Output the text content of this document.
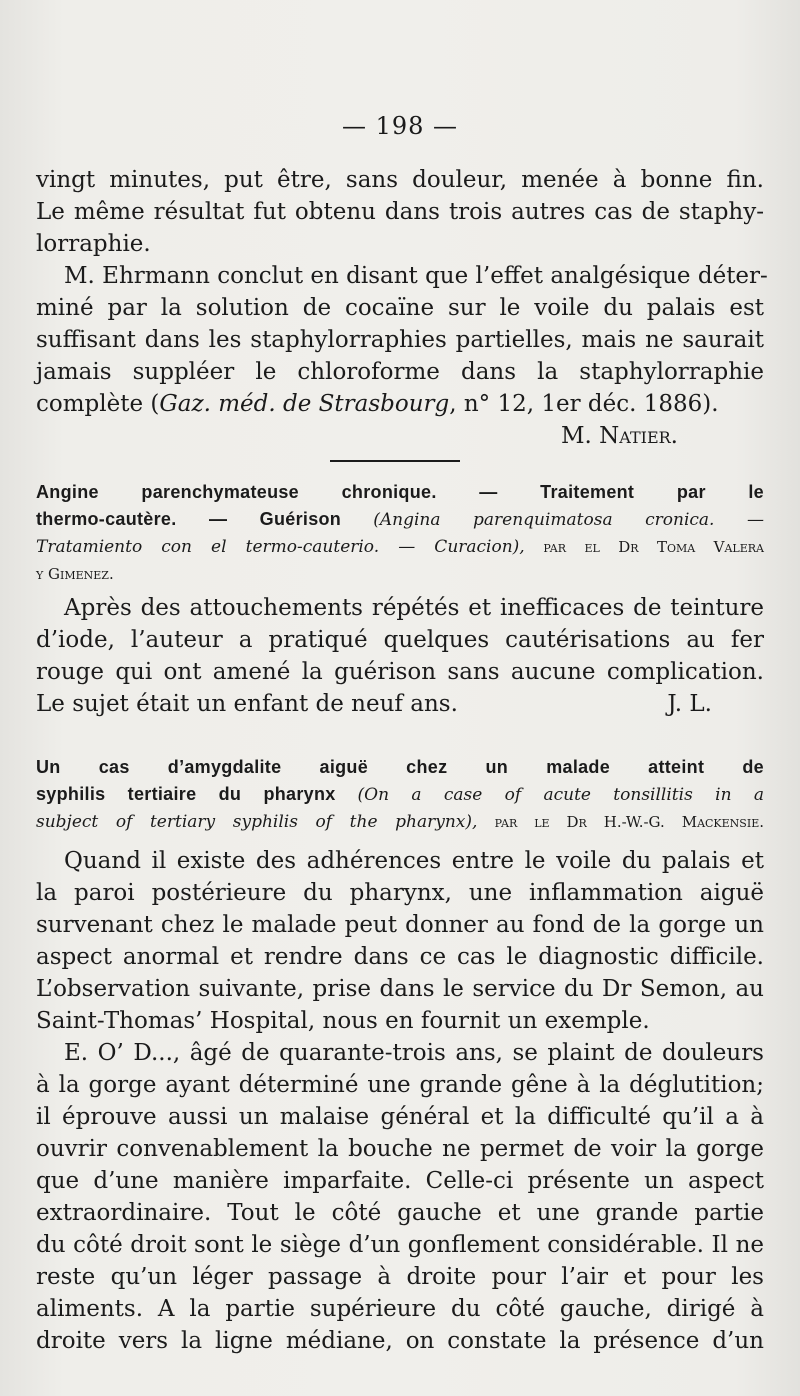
— 198 —
vingt minutes, put être, sans douleur, menée à bonne fin.
Le même résultat fut obtenu dans trois autres cas de staphy-
lorraphie.
M. Ehrmann conclut en disant que l’effet analgésique déter-
miné par la solution de cocaïne sur le voile du palais est
suffisant dans les staphylorraphies partielles, mais ne saurait
jamais suppléer le chloroforme dans la staphylorraphie
complète (Gaz. méd. de Strasbourg, n° 12, 1er déc. 1886).
M. Natier.
Angine parenchymateuse chronique. — Traitement par le
thermo-cautère. — Guérison (Angina parenquimatosa cronica. —
Tratamiento con el termo-cauterio. — Curacion), par el Dr Toma Valera
y Gimenez.
Après des attouchements répétés et inefficaces de teinture
d’iode, l’auteur a pratiqué quelques cautérisations au fer
rouge qui ont amené la guérison sans aucune complication.
Le sujet était un enfant de neuf ans.	J. L.
Un cas d’amygdalite aiguë chez un malade atteint de
syphilis tertiaire du pharynx (On a case of acute tonsillitis in a
subject of tertiary syphilis of the pharynx), par le Dr H.-W.-G. Mackensie.
Quand il existe des adhérences entre le voile du palais et
la paroi postérieure du pharynx, une inflammation aiguë
survenant chez le malade peut donner au fond de la gorge un
aspect anormal et rendre dans ce cas le diagnostic difficile.
L’observation suivante, prise dans le service du Dr Semon, au
Saint-Thomas’ Hospital, nous en fournit un exemple.
E. O’ D..., âgé de quarante-trois ans, se plaint de douleurs
à la gorge ayant déterminé une grande gêne à la déglutition;
il éprouve aussi un malaise général et la difficulté qu’il a à
ouvrir convenablement la bouche ne permet de voir la gorge
que d’une manière imparfaite. Celle-ci présente un aspect
extraordinaire. Tout le côté gauche et une grande partie
du côté droit sont le siège d’un gonflement considérable. Il ne
reste qu’un léger passage à droite pour l’air et pour les
aliments. A la partie supérieure du côté gauche, dirigé à
droite vers la ligne médiane, on constate la présence d’un
